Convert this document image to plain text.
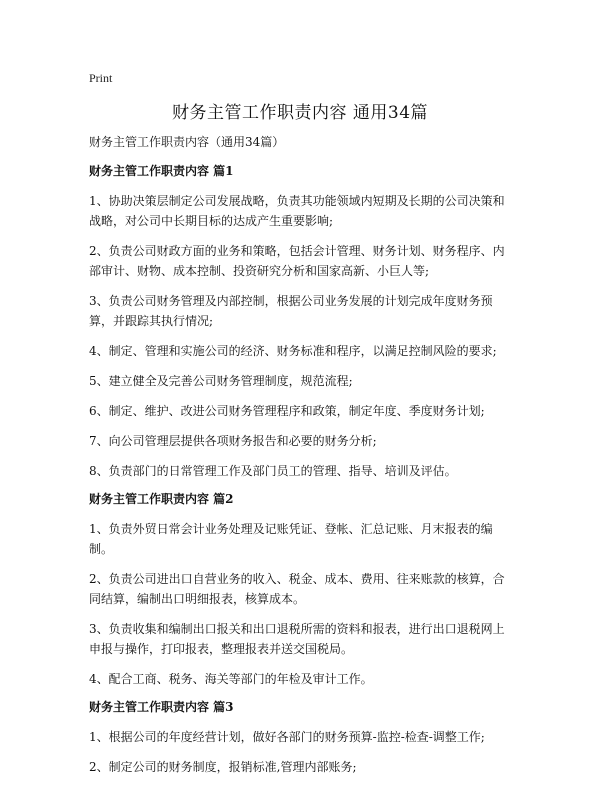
Print
财务主管工作职责内容 通用34篇
财务主管工作职责内容（通用34篇）
财务主管工作职责内容 篇1

1、协助决策层制定公司发展战略，负责其功能领域内短期及长期的公司决策和战略，对公司中长期目标的达成产生重要影响;

2、负责公司财政方面的业务和策略，包括会计管理、财务计划、财务程序、内部审计、财物、成本控制、投资研究分析和国家高新、小巨人等;

3、负责公司财务管理及内部控制，根据公司业务发展的计划完成年度财务预算，并跟踪其执行情况;

4、制定、管理和实施公司的经济、财务标准和程序，以满足控制风险的要求;

5、建立健全及完善公司财务管理制度，规范流程;

6、制定、维护、改进公司财务管理程序和政策，制定年度、季度财务计划;

7、向公司管理层提供各项财务报告和必要的财务分析;

8、负责部门的日常管理工作及部门员工的管理、指导、培训及评估。

财务主管工作职责内容 篇2

1、负责外贸日常会计业务处理及记账凭证、登帐、汇总记账、月末报表的编制。

2、负责公司进出口自营业务的收入、税金、成本、费用、往来账款的核算，合同结算，编制出口明细报表，核算成本。

3、负责收集和编制出口报关和出口退税所需的资料和报表，进行出口退税网上申报与操作，打印报表，整理报表并送交国税局。

4、配合工商、税务、海关等部门的年检及审计工作。

财务主管工作职责内容 篇3

1、根据公司的年度经营计划，做好各部门的财务预算-监控-检查-调整工作;

2、制定公司的财务制度，报销标准,管理内部账务;
